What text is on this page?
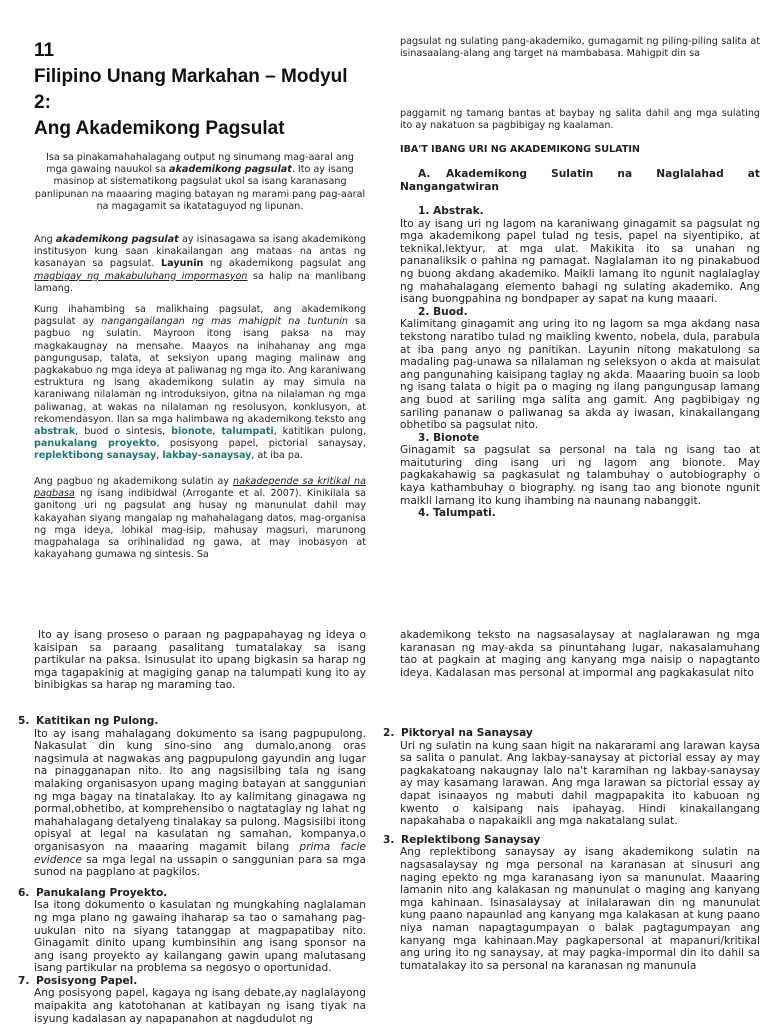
11
Filipino Unang Markahan – Modyul
2:
Ang Akademikong Pagsulat

Isa sa pinakamahahalagang output ng sinumang mag-aaral ang mga gawaing nauukol sa akademikong pagsulat. Ito ay isang masinop at sistematikong pagsulat ukol sa isang karanasang panlipunan na maaaring maging batayan ng marami pang pag-aaral na magagamit sa ikatataguyod ng lipunan.

Ang akademikong pagsulat ay isinasagawa sa isang akademikong institusyon kung saan kinakailangan ang mataas na antas ng kasanayan sa pagsulat. Layunin ng akademikong pagsulat ang magbigay ng makabuluhang impormasyon sa halip na manlibang lamang.

Kung ihahambing sa malikhaing pagsulat, ang akademikong pagsulat ay nangangailangan ng mas mahigpit na tuntunin sa pagbuo ng sulatin. Mayroon itong isang paksa na may magkakaugnay na mensahe. Maayos na inihahanay ang mga pangungusap, talata, at seksiyon upang maging malinaw ang pagkakabuo ng mga ideya at paliwanag ng mga ito. Ang karaniwang estruktura ng isang akademikong sulatin ay may simula na karaniwang nilalaman ng introduksiyon, gitna na nilalaman ng mga paliwanag, at wakas na nilalaman ng resolusyon, konklusyon, at rekomendasyon. Ilan sa mga halimbawa ng akademikong teksto ang abstrak, buod o sintesis, bionote, talumpati, katitikan pulong, panukalang proyekto, posisyong papel, pictorial sanaysay, replektibong sanaysay, lakbay-sanaysay, at iba pa.

Ang pagbuo ng akademikong sulatin ay nakadepende sa kritikal na pagbasa ng isang indibidwal (Arrogante et al. 2007). Kinikilala sa ganitong uri ng pagsulat ang husay ng manunulat dahil may kakayahan siyang mangalap ng mahahalagang datos, mag-organisa ng mga ideya, lohikal mag-isip, mahusay magsuri, marunong magpahalaga sa orihinalidad ng gawa, at may inobasyon at kakayahang gumawa ng sintesis. Sa

pagsulat ng sulating pang-akademiko, gumagamit ng piling-piling salita at isinasaalang-alang ang target na mambabasa. Mahigpit din sa

paggamit ng tamang bantas at baybay ng salita dahil ang mga sulating ito ay nakatuon sa pagbibigay ng kaalaman.

IBA'T IBANG URI NG AKADEMIKONG SULATIN
A. Akademikong Sulatin na Naglalahad at Nangangatwiran
1. Abstrak.

Ito ay isang uri ng lagom na karaniwang ginagamit sa pagsulat ng mga akademikong papel tulad ng tesis, papel na siyentipiko, at teknikal,lektyur, at mga ulat. Makikita ito sa unahan ng pananaliksik o pahina ng pamagat. Naglalaman ito ng pinakabuod ng buong akdang akademiko. Maikli lamang ito ngunit naglalaglay ng mahahalagang elemento bahagi ng sulating akademiko. Ang isang buongpahina ng bondpaper ay sapat na kung maaari.

2. Buod.

Kalimitang ginagamit ang uring ito ng lagom sa mga akdang nasa tekstong naratibo tulad ng maikling kwento, nobela, dula, parabula at iba pang anyo ng panitikan. Layunin nitong makatulong sa madaling pag-unawa sa nilalaman ng seleksyon o akda at maisulat ang pangunahing kaisipang taglay ng akda. Maaaring buoin sa loob ng isang talata o higit pa o maging ng ilang pangungusap lamang ang buod at sariling mga salita ang gamit. Ang pagbibigay ng sariling pananaw o paliwanag sa akda ay iwasan, kinakailangang obhetibo sa pagsulat nito.

3. Bionote

Ginagamit sa pagsulat sa personal na tala ng isang tao at maituturing ding isang uri ng lagom ang bionote. May pagkakahawig sa pagkasulat ng talambuhay o autobiography o kaya kathambuhay o biography. ng isang tao ang bionote ngunit maikli lamang ito kung ihambing na naunang nabanggit.

4. Talumpati.

Ito ay isang proseso o paraan ng pagpapahayag ng ideya o kaisipan sa paraang pasalitang tumatalakay sa isang partikular na paksa. Isinusulat ito upang bigkasin sa harap ng mga tagapakinig at magiging ganap na talumpati kung ito ay binibigkas sa harap ng maraming tao.

5. Katitikan ng Pulong.

Ito ay isang mahalagang dokumento sa isang pagpupulong. Nakasulat din kung sino-sino ang dumalo,anong oras nagsimula at nagwakas ang pagpupulong gayundin ang lugar na pinagganapan nito. Ito ang nagsisilbing tala ng isang malaking organisasyon upang maging batayan at sanggunian ng mga bagay na tinatalakay. Ito ay kalimitang ginagawa ng pormal,obhetibo, at komprehensibo o nagtataglay ng lahat ng mahahalagang detalyeng tinalakay sa pulong. Magsisilbi itong opisyal at legal na kasulatan ng samahan, kompanya,o organisasyon na maaaring magamit bilang prima facie evidence sa mga legal na ussapin o sanggunian para sa mga sunod na pagplano at pagkilos.

6. Panukalang Proyekto.

Isa itong dokumento o kasulatan ng mungkahing naglalaman ng mga plano ng gawaing ihaharap sa tao o samahang pag-uukulan nito na siyang tatanggap at magpapatibay nito. Ginagamit dinito upang kumbinsihin ang isang sponsor na ang isang proyekto ay kailangang gawin upang malutasang isang partikular na problema sa negosyo o oportunidad.

7. Posisyong Papel.

Ang posisyong papel, kagaya ng isang debate,ay naglalayong maipakita ang katotohanan at katibayan ng isang tiyak na isyung kadalasan ay napapanahon at nagdudulot ng

akademikong teksto na nagsasalaysay at naglalarawan ng mga karanasan ng may-akda sa pinuntahang lugar, nakasalamuhang tao at pagkain at maging ang kanyang mga naisip o napagtanto ideya. Kadalasan mas personal at impormal ang pagkakasulat nito

2. Piktoryal na Sanaysay

Uri ng sulatin na kung saan higit na nakararami ang larawan kaysa sa salita o panulat. Ang lakbay-sanaysay at pictorial essay ay may pagkakatoang nakaugnay lalo na't karamihan ng lakbay-sanaysay ay may kasamang larawan. Ang mga larawan sa pictorial essay ay dapat isinaayos ng mabuti dahil magpapakita ito kabuoan ng kwento o kaisipang nais ipahayag. Hindi kinakailangang napakahaba o napakaikli ang mga nakatalang sulat.

3. Replektibong Sanaysay

Ang replektibong sanaysay ay isang akademikong sulatin na nagsasalaysay ng mga personal na karanasan at sinusuri ang naging epekto ng mga karanasang iyon sa manunulat. Maaaring lamanin nito ang kalakasan ng manunulat o maging ang kanyang mga kahinaan. Isinasalaysay at inilalarawan din ng manunulat kung paano napaunlad ang kanyang mga kalakasan at kung paano niya naman napagtagumpayan o balak pagtagumpayan ang kanyang mga kahinaan.May pagkapersonal at mapanuri/kritikal ang uring ito ng sanaysay, at may pagka-impormal din ito dahil sa tumatalakay ito sa personal na karanasan ng manunula
